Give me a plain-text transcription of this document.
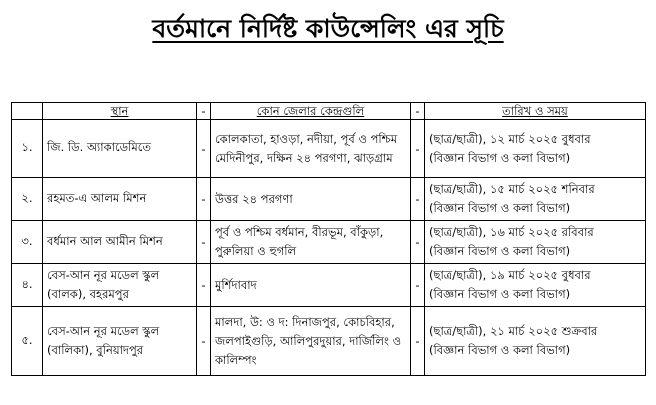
বর্তমানে নির্দিষ্ট কাউন্সেলিং এর সূচি
	স্থান	-	কোন জেলার কেন্দ্রগুলি	-	তারিখ ও সময়
১.	জি. ডি. অ্যাকাডেমিতে	-	কোলকাতা, হাওড়া, নদীয়া, পূর্ব ও পশ্চিম মেদিনীপুর, দক্ষিন ২৪ পরগণা, ঝাড়গ্রাম	-	(ছাত্র/ছাত্রী), ১২ মার্চ ২০২৫ বুধবার
(বিজ্ঞান বিভাগ ও কলা বিভাগ)

২.	রহমত-এ আলম মিশন	-	উত্তর ২৪ পরগণা	-	(ছাত্র/ছাত্রী), ১৫ মার্চ ২০২৫ শনিবার
(বিজ্ঞান বিভাগ ও কলা বিভাগ)

৩.	বর্ধমান আল আমীন মিশন	-	পূর্ব ও পশ্চিম বর্ধমান, বীরভূম, বাঁকুড়া, পুরুলিয়া ও হুগলি	-	(ছাত্র/ছাত্রী), ১৬ মার্চ ২০২৫ রবিবার
(বিজ্ঞান বিভাগ ও কলা বিভাগ)

৪.	বেস-আন নূর মডেল স্কুল (বালক), বহরমপুর	-	মুর্শিদাবাদ	-	(ছাত্র/ছাত্রী), ১৯ মার্চ ২০২৫ বুধবার
(বিজ্ঞান বিভাগ ও কলা বিভাগ)

৫.	বেস-আন নূর মডেল স্কুল (বালিকা), বুনিয়াদপুর	-	মালদা, উ: ও দ: দিনাজপুর, কোচবিহার, জলপাইগুড়ি, আলিপুরদুয়ার, দার্জিলিং ও কালিম্পং	-	(ছাত্র/ছাত্রী), ২১ মার্চ ২০২৫ শুক্রবার
(বিজ্ঞান বিভাগ ও কলা বিভাগ)
